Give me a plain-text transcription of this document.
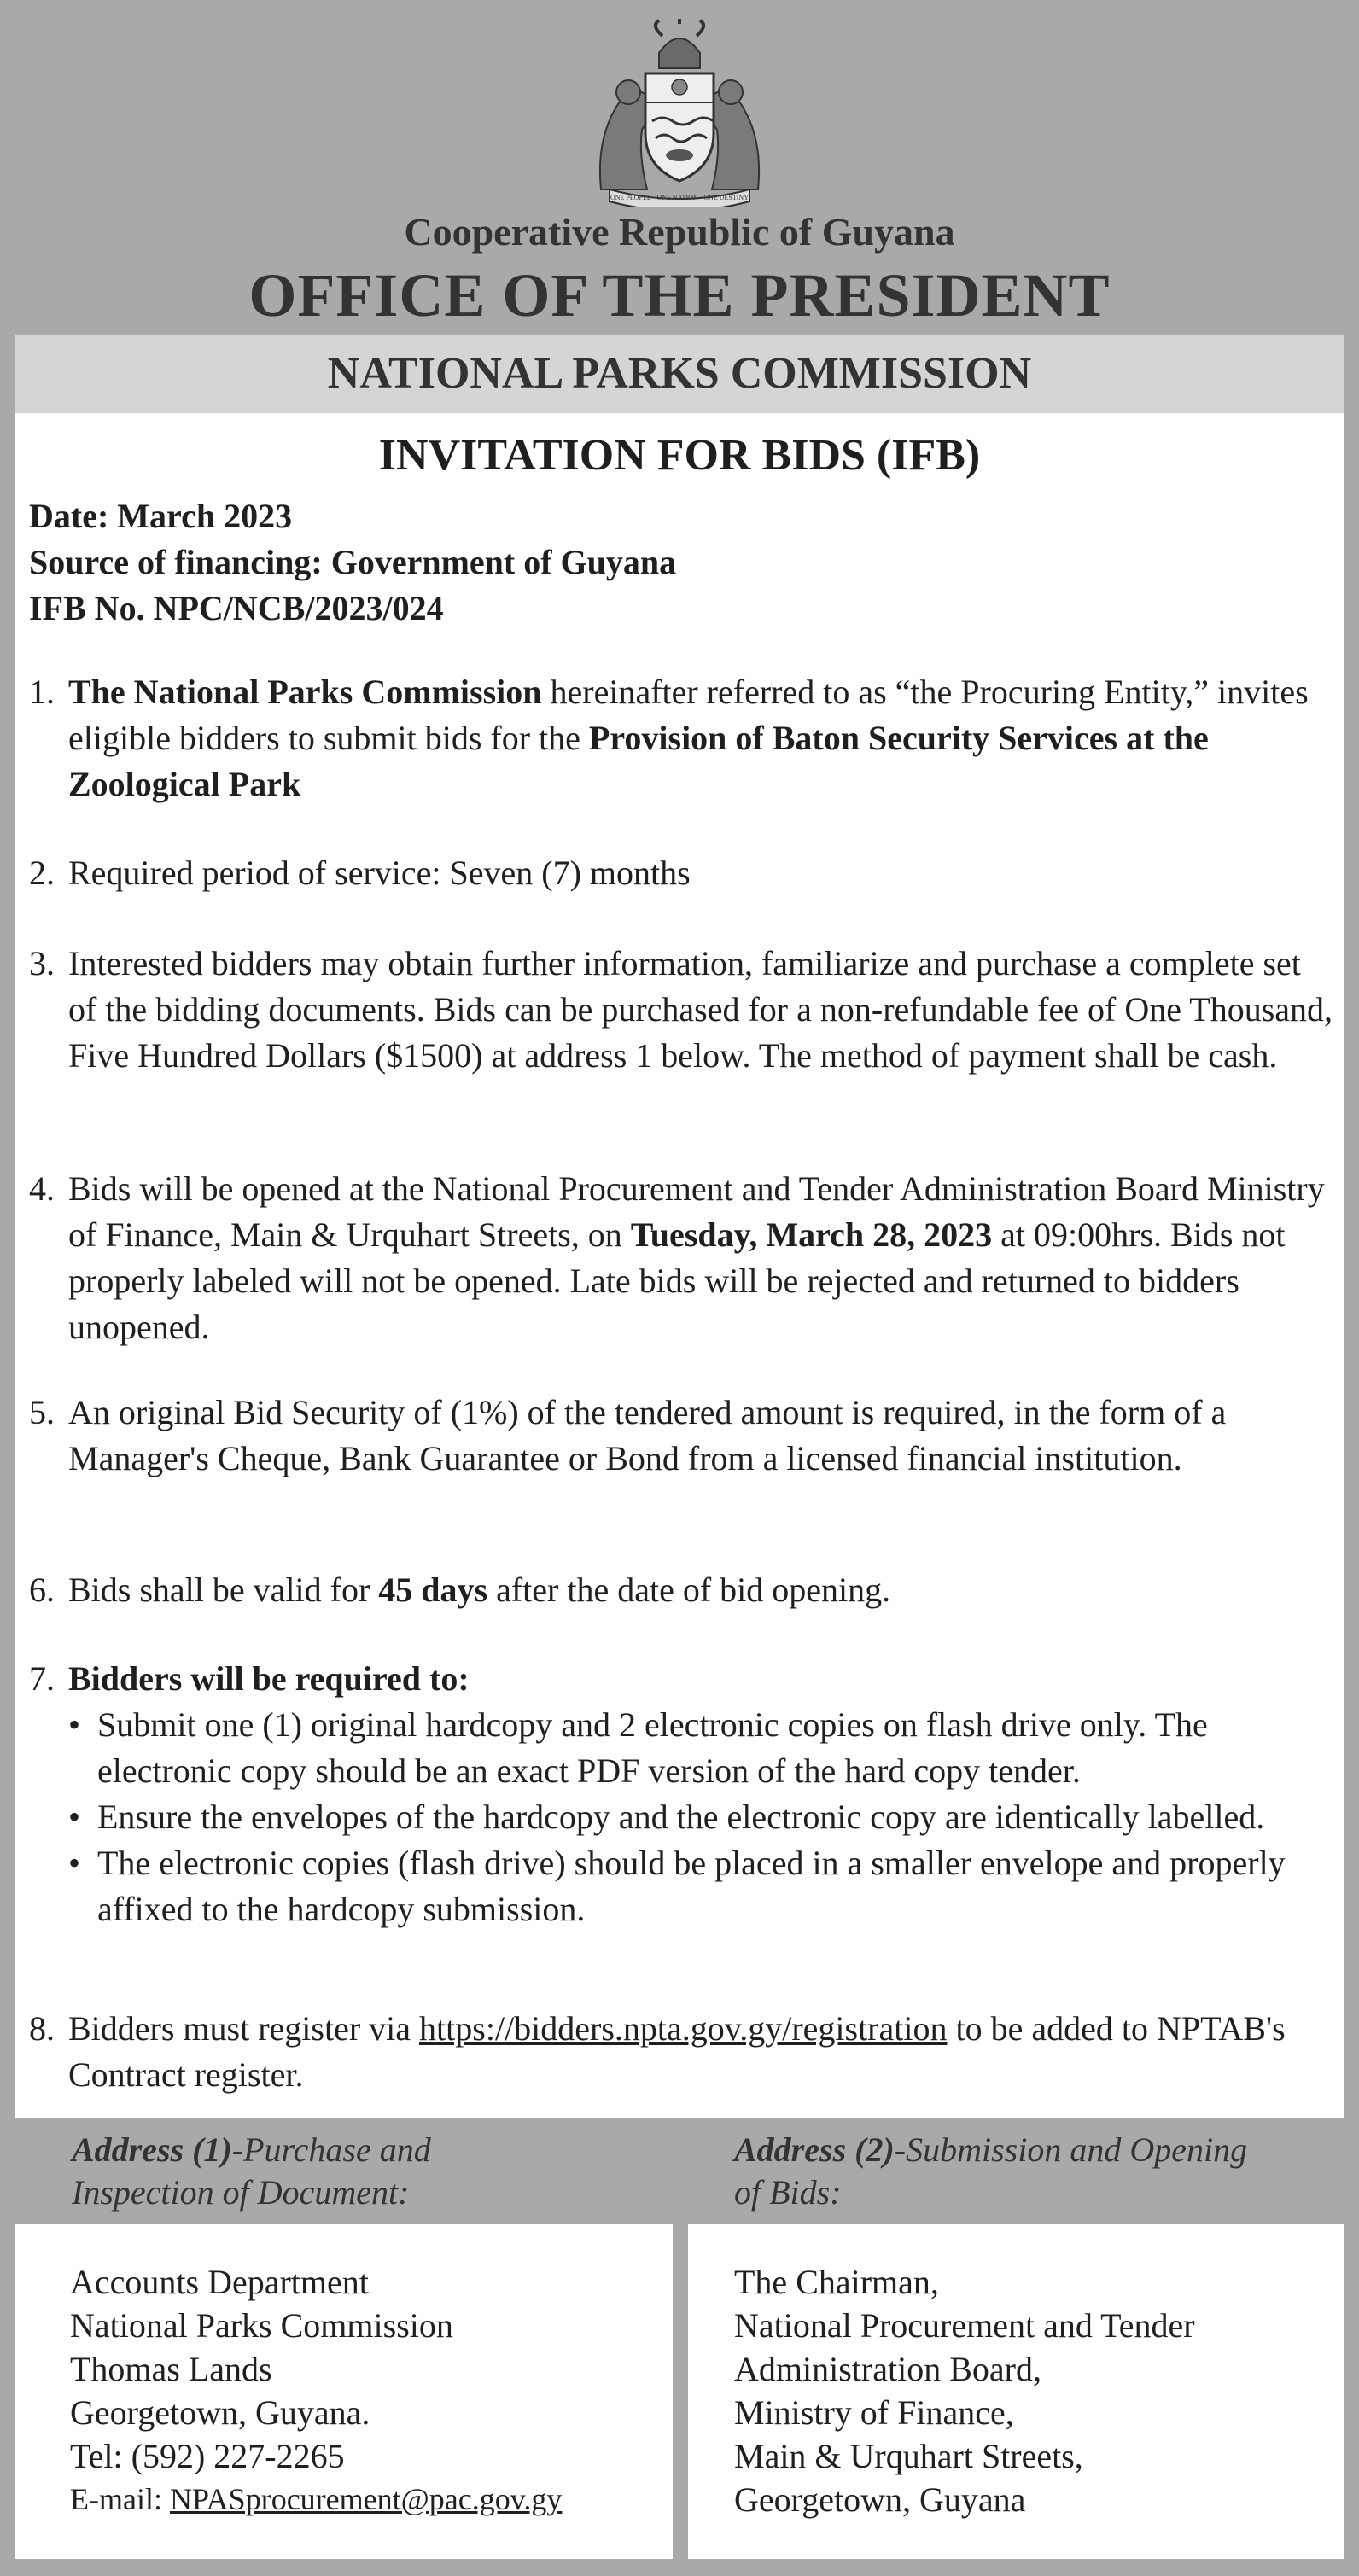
ONE PEOPLE · ONE NATION · ONE DESTINY
Cooperative Republic of Guyana
OFFICE OF THE PRESIDENT
NATIONAL PARKS COMMISSION
INVITATION FOR BIDS (IFB)
Date: March 2023
Source of financing: Government of Guyana
IFB No. NPC/NCB/2023/024
1. The National Parks Commission hereinafter referred to as “the Procuring Entity,” invites eligible bidders to submit bids for the Provision of Baton Security Services at the Zoological Park
2. Required period of service: Seven (7) months
3. Interested bidders may obtain further information, familiarize and purchase a complete set of the bidding documents. Bids can be purchased for a non-refundable fee of One Thousand, Five Hundred Dollars ($1500) at address 1 below. The method of payment shall be cash.
4. Bids will be opened at the National Procurement and Tender Administration Board Ministry of Finance, Main & Urquhart Streets, on Tuesday, March 28, 2023 at 09:00hrs. Bids not properly labeled will not be opened. Late bids will be rejected and returned to bidders unopened.
5. An original Bid Security of (1%) of the tendered amount is required, in the form of a Manager's Cheque, Bank Guarantee or Bond from a licensed financial institution.
6. Bids shall be valid for 45 days after the date of bid opening.
7. Bidders will be required to:
• Submit one (1) original hardcopy and 2 electronic copies on flash drive only. The electronic copy should be an exact PDF version of the hard copy tender.
• Ensure the envelopes of the hardcopy and the electronic copy are identically labelled.
• The electronic copies (flash drive) should be placed in a smaller envelope and properly affixed to the hardcopy submission.
8. Bidders must register via https://bidders.npta.gov.gy/registration to be added to NPTAB's Contract register.
Address (1)-Purchase and
Inspection of Document:
Address (2)-Submission and Opening
of Bids:
Accounts Department
National Parks Commission
Thomas Lands
Georgetown, Guyana.
Tel: (592) 227-2265
E-mail: NPASprocurement@pac.gov.gy
The Chairman,
National Procurement and Tender
Administration Board,
Ministry of Finance,
Main & Urquhart Streets,
Georgetown, Guyana
